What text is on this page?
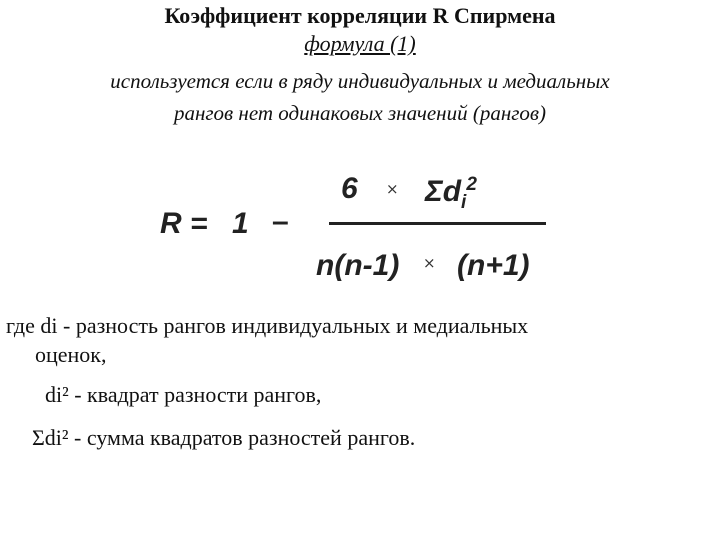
Коэффициент корреляции R Спирмена
формула (1)
используется если в ряду индивидуальных и медиальных
рангов нет одинаковых значений (рангов)
R = 1 –
$6 \times \Sigma d_i^2$
n(n-1) × (n+1)
где di - разность рангов индивидуальных и медиальных
оценок,
di² - квадрат разности рангов,
Σdi² - сумма квадратов разностей рангов.
